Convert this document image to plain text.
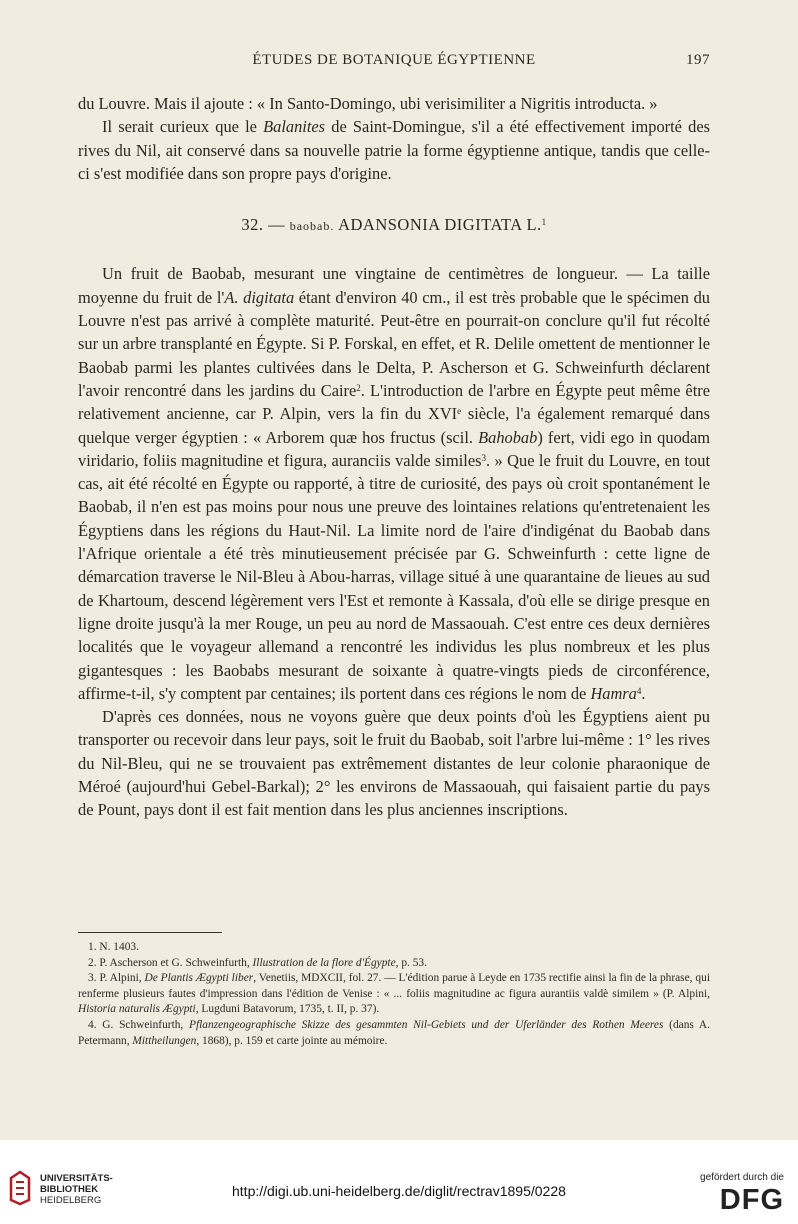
ÉTUDES DE BOTANIQUE ÉGYPTIENNE	197

du Louvre. Mais il ajoute : « In Santo-Domingo, ubi verisimiliter a Nigritis introducta. »

Il serait curieux que le Balanites de Saint-Domingue, s'il a été effectivement importé des rives du Nil, ait conservé dans sa nouvelle patrie la forme égyptienne antique, tandis que celle-ci s'est modifiée dans son propre pays d'origine.

32. — baobab. ADANSONIA DIGITATA L.$^1$

Un fruit de Baobab, mesurant une vingtaine de centimètres de longueur. — La taille moyenne du fruit de l'A. digitata étant d'environ 40 cm., il est très probable que le spécimen du Louvre n'est pas arrivé à complète maturité. Peut-être en pourrait-on conclure qu'il fut récolté sur un arbre transplanté en Égypte. Si P. Forskal, en effet, et R. Delile omettent de mentionner le Baobab parmi les plantes cultivées dans le Delta, P. Ascherson et G. Schweinfurth déclarent l'avoir rencontré dans les jardins du Caire$^2$. L'introduction de l'arbre en Égypte peut même être relativement ancienne, car P. Alpin, vers la fin du XVIe siècle, l'a également remarqué dans quelque verger égyptien : « Arborem quæ hos fructus (scil. Bahobab) fert, vidi ego in quodam viridario, foliis magnitudine et figura, auranciis valde similes$^3$. » Que le fruit du Louvre, en tout cas, ait été récolté en Égypte ou rapporté, à titre de curiosité, des pays où croit spontanément le Baobab, il n'en est pas moins pour nous une preuve des lointaines relations qu'entretenaient les Égyptiens dans les régions du Haut-Nil. La limite nord de l'aire d'indigénat du Baobab dans l'Afrique orientale a été très minutieusement précisée par G. Schweinfurth : cette ligne de démarcation traverse le Nil-Bleu à Abou-harras, village situé à une quarantaine de lieues au sud de Khartoum, descend légèrement vers l'Est et remonte à Kassala, d'où elle se dirige presque en ligne droite jusqu'à la mer Rouge, un peu au nord de Massaouah. C'est entre ces deux dernières localités que le voyageur allemand a rencontré les individus les plus nombreux et les plus gigantesques : les Baobabs mesurant de soixante à quatre-vingts pieds de circonférence, affirme-t-il, s'y comptent par centaines; ils portent dans ces régions le nom de Hamra$^4$.

D'après ces données, nous ne voyons guère que deux points d'où les Égyptiens aient pu transporter ou recevoir dans leur pays, soit le fruit du Baobab, soit l'arbre lui-même : 1° les rives du Nil-Bleu, qui ne se trouvaient pas extrêmement distantes de leur colonie pharaonique de Méroé (aujourd'hui Gebel-Barkal); 2° les environs de Massaouah, qui faisaient partie du pays de Pount, pays dont il est fait mention dans les plus anciennes inscriptions.

1. N. 1403.

2. P. Ascherson et G. Schweinfurth, Illustration de la flore d'Égypte, p. 53.

3. P. Alpini, De Plantis Ægypti liber, Venetiis, MDXCII, fol. 27. — L'édition parue à Leyde en 1735 rectifie ainsi la fin de la phrase, qui renferme plusieurs fautes d'impression dans l'édition de Venise : « ... foliis magnitudine ac figura aurantiis valdè similem » (P. Alpini, Historia naturalis Ægypti, Lugduni Batavorum, 1735, t. II, p. 37).

4. G. Schweinfurth, Pflanzengeographische Skizze des gesammten Nil-Gebiets und der Uferländer des Rothen Meeres (dans A. Petermann, Mittheilungen, 1868), p. 159 et carte jointe au mémoire.

UNIVERSITÄTS-
BIBLIOTHEK
HEIDELBERG
http://digi.ub.uni-heidelberg.de/diglit/rectrav1895/0228
gefördert durch die
DFG
